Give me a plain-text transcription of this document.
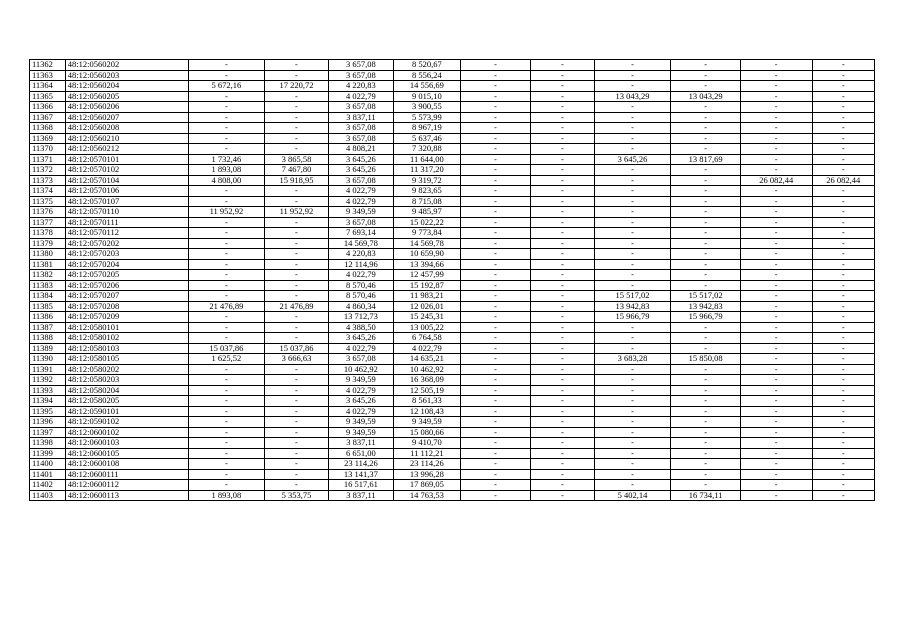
11362	48:12:0560202	-	-	3 657,08	8 520,67	-	-	-	-	-	-
11363	48:12:0560203	-	-	3 657,08	8 556,24	-	-	-	-	-	-
11364	48:12:0560204	5 672,16	17 220,72	4 220,83	14 556,69	-	-	-	-	-	-
11365	48:12:0560205	-	-	4 022,79	9 015,10	-	-	13 043,29	13 043,29	-	-
11366	48:12:0560206	-	-	3 657,08	3 900,55	-	-	-	-	-	-
11367	48:12:0560207	-	-	3 837,11	5 573,99	-	-	-	-	-	-
11368	48:12:0560208	-	-	3 657,08	8 967,19	-	-	-	-	-	-
11369	48:12:0560210	-	-	3 657,08	5 637,46	-	-	-	-	-	-
11370	48:12:0560212	-	-	4 808,21	7 320,88	-	-	-	-	-	-
11371	48:12:0570101	1 732,46	3 865,58	3 645,26	11 644,00	-	-	3 645,26	13 817,69	-	-
11372	48:12:0570102	1 893,08	7 467,80	3 645,26	11 317,20	-	-	-	-	-	-
11373	48:12:0570104	4 808,00	15 918,95	3 657,08	9 319,72	-	-	-	-	26 082,44	26 082,44
11374	48:12:0570106	-	-	4 022,79	9 823,65	-	-	-	-	-	-
11375	48:12:0570107	-	-	4 022,79	8 715,08	-	-	-	-	-	-
11376	48:12:0570110	11 952,92	11 952,92	9 349,59	9 485,97	-	-	-	-	-	-
11377	48:12:0570111	-	-	3 657,08	15 022,22	-	-	-	-	-	-
11378	48:12:0570112	-	-	7 693,14	9 773,84	-	-	-	-	-	-
11379	48:12:0570202	-	-	14 569,78	14 569,78	-	-	-	-	-	-
11380	48:12:0570203	-	-	4 220,83	10 659,90	-	-	-	-	-	-
11381	48:12:0570204	-	-	12 114,96	13 394,66	-	-	-	-	-	-
11382	48:12:0570205	-	-	4 022,79	12 457,99	-	-	-	-	-	-
11383	48:12:0570206	-	-	8 570,46	15 192,87	-	-	-	-	-	-
11384	48:12:0570207	-	-	8 570,46	11 983,21	-	-	15 517,02	15 517,02	-	-
11385	48:12:0570208	21 476,89	21 476,89	4 860,34	12 026,01	-	-	13 942,83	13 942,83	-	-
11386	48:12:0570209	-	-	13 712,73	15 245,31	-	-	15 966,79	15 966,79	-	-
11387	48:12:0580101	-	-	4 388,50	13 005,22	-	-	-	-	-	-
11388	48:12:0580102	-	-	3 645,26	6 764,58	-	-	-	-	-	-
11389	48:12:0580103	15 037,86	15 037,86	4 022,79	4 022,79	-	-	-	-	-	-
11390	48:12:0580105	1 625,52	3 666,63	3 657,08	14 635,21	-	-	3 683,28	15 850,08	-	-
11391	48:12:0580202	-	-	10 462,92	10 462,92	-	-	-	-	-	-
11392	48:12:0580203	-	-	9 349,59	16 368,09	-	-	-	-	-	-
11393	48:12:0580204	-	-	4 022,79	12 505,19	-	-	-	-	-	-
11394	48:12:0580205	-	-	3 645,26	8 561,33	-	-	-	-	-	-
11395	48:12:0590101	-	-	4 022,79	12 108,43	-	-	-	-	-	-
11396	48:12:0590102	-	-	9 349,59	9 349,59	-	-	-	-	-	-
11397	48:12:0600102	-	-	9 349,59	15 080,66	-	-	-	-	-	-
11398	48:12:0600103	-	-	3 837,11	9 410,70	-	-	-	-	-	-
11399	48:12:0600105	-	-	6 651,00	11 112,21	-	-	-	-	-	-
11400	48:12:0600108	-	-	23 114,26	23 114,26	-	-	-	-	-	-
11401	48:12:0600111	-	-	13 141,37	13 996,28	-	-	-	-	-	-
11402	48:12:0600112	-	-	16 517,61	17 869,05	-	-	-	-	-	-
11403	48:12:0600113	1 893,08	5 353,75	3 837,11	14 763,53	-	-	5 402,14	16 734,11	-	-
